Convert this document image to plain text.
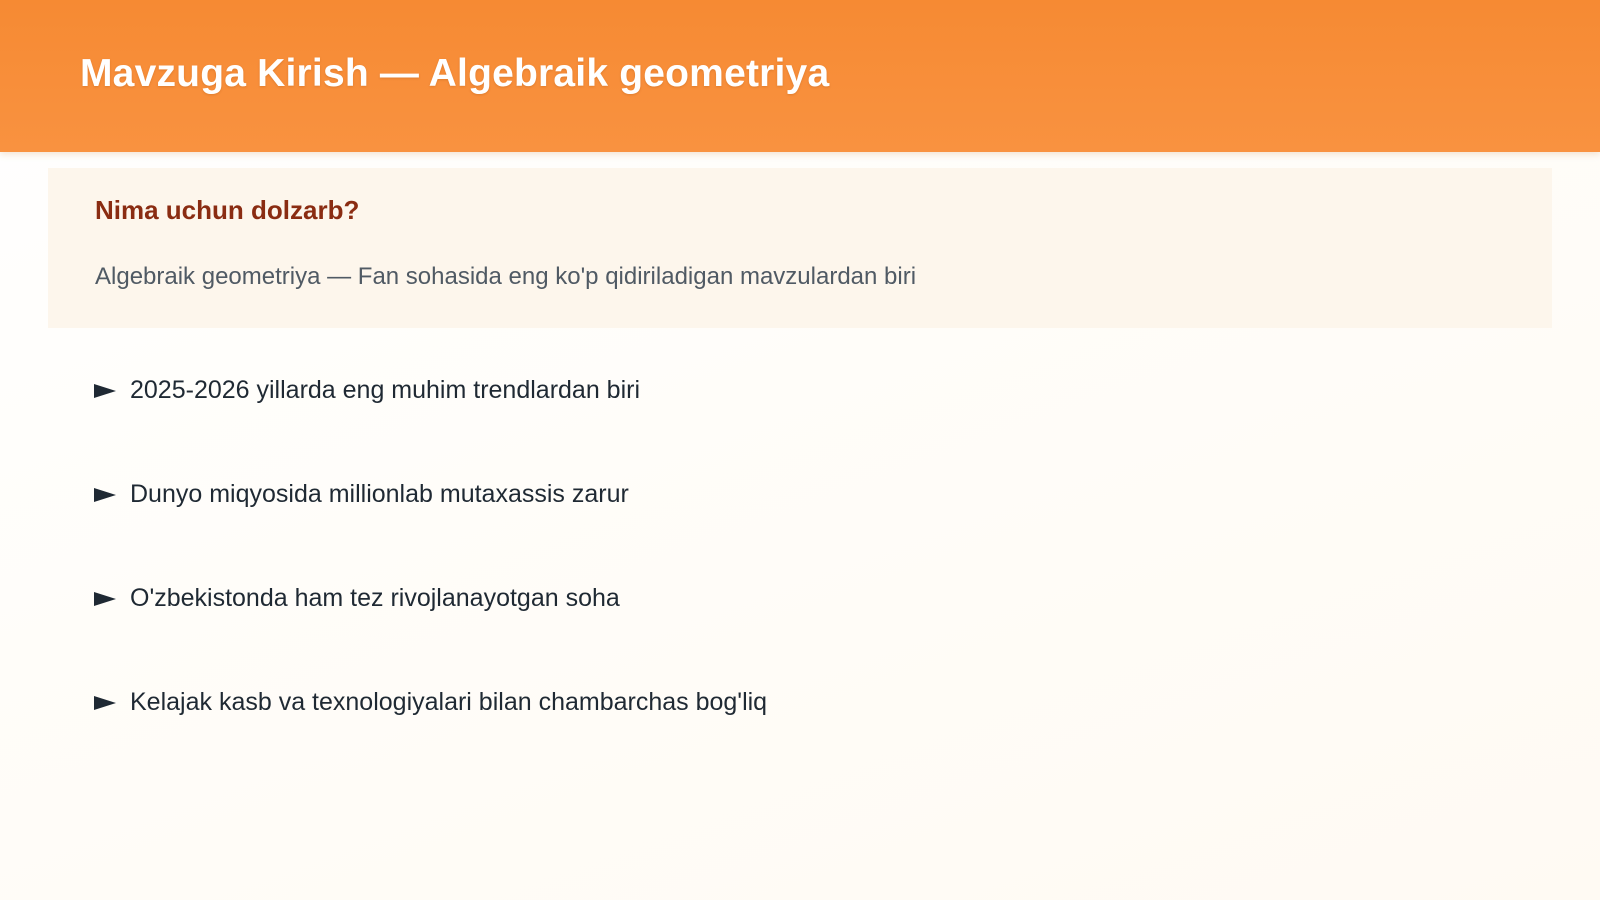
Mavzuga Kirish — Algebraik geometriya
Nima uchun dolzarb?

Algebraik geometriya — Fan sohasida eng ko'p qidiriladigan mavzulardan biri

2025-2026 yillarda eng muhim trendlardan biri
Dunyo miqyosida millionlab mutaxassis zarur
O'zbekistonda ham tez rivojlanayotgan soha
Kelajak kasb va texnologiyalari bilan chambarchas bog'liq
